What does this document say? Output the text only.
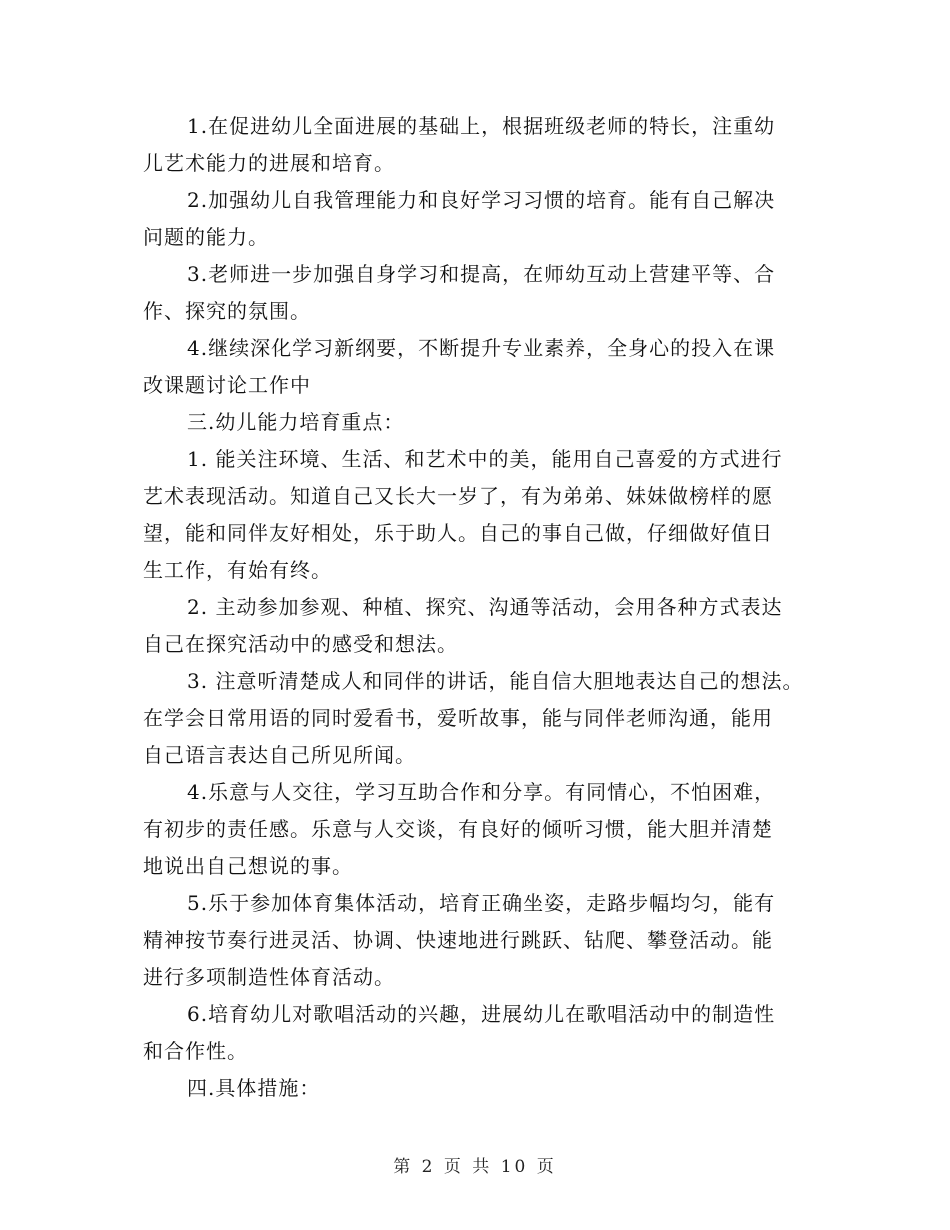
1.在促进幼儿全面进展的基础上，根据班级老师的特长，注重幼
儿艺术能力的进展和培育。
2.加强幼儿自我管理能力和良好学习习惯的培育。能有自己解决
问题的能力。
3.老师进一步加强自身学习和提高，在师幼互动上营建平等、合
作、探究的氛围。
4.继续深化学习新纲要，不断提升专业素养，全身心的投入在课
改课题讨论工作中
三.幼儿能力培育重点：
1. 能关注环境、生活、和艺术中的美，能用自己喜爱的方式进行
艺术表现活动。知道自己又长大一岁了，有为弟弟、妹妹做榜样的愿
望，能和同伴友好相处，乐于助人。自己的事自己做，仔细做好值日
生工作，有始有终。
2. 主动参加参观、种植、探究、沟通等活动，会用各种方式表达
自己在探究活动中的感受和想法。
3. 注意听清楚成人和同伴的讲话，能自信大胆地表达自己的想法。
在学会日常用语的同时爱看书，爱听故事，能与同伴老师沟通，能用
自己语言表达自己所见所闻。
4.乐意与人交往，学习互助合作和分享。有同情心，不怕困难，
有初步的责任感。乐意与人交谈，有良好的倾听习惯，能大胆并清楚
地说出自己想说的事。
5.乐于参加体育集体活动，培育正确坐姿，走路步幅均匀，能有
精神按节奏行进灵活、协调、快速地进行跳跃、钻爬、攀登活动。能
进行多项制造性体育活动。
6.培育幼儿对歌唱活动的兴趣，进展幼儿在歌唱活动中的制造性
和合作性。
四.具体措施：
第 2 页 共 10 页
